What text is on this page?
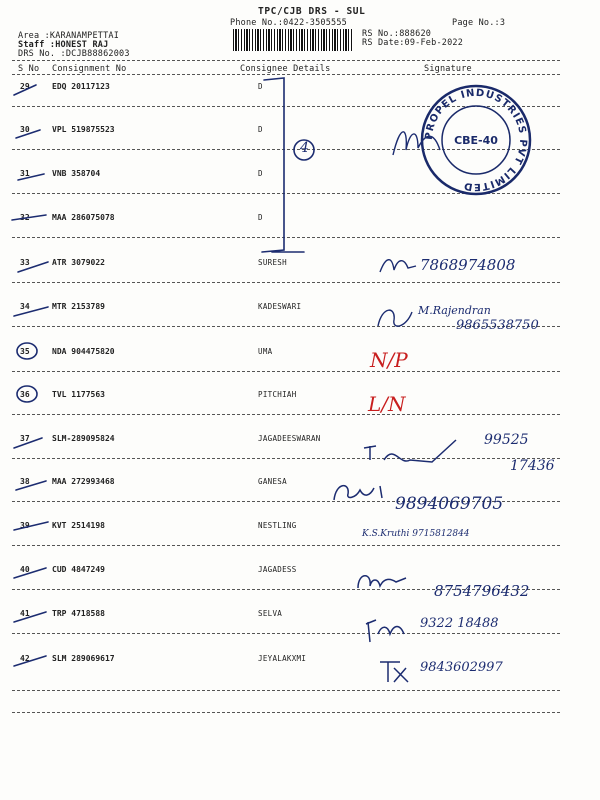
TPC/CJB DRS - SUL
Phone No.:0422-3505555	Page No.:3
Area :KARANAMPETTAI
Staff :HONEST RAJ
DRS No. :DCJB88862003
RS No.:888620
RS Date:09-Feb-2022
S No Consignment No	Consignee Details	Signature
29	EDQ 20117123	D
30	VPL 519875523	D
31	VNB 358704	D
32	MAA 286075078	D
33	ATR 3079022	SURESH
34	MTR 2153789	KADESWARI
35	NDA 904475820	UMA
36	TVL 1177563	PITCHIAH
37	SLM-289095824	JAGADEESWARAN
38	MAA 272993468	GANESA
39	KVT 2514198	NESTLING
40	CUD 4847249	JAGADESS
41	TRP 4718588	SELVA
42	SLM 289069617	JEYALAKXMI
4
PROPEL INDUSTRIES PVT LIMITED
CBE-40
7868974808
M.Rajendran
9865538750
N/P
L/N
99525
17436
9894069705
K.S.Kruthi 9715812844
8754796432
9322 18488
9843602997
